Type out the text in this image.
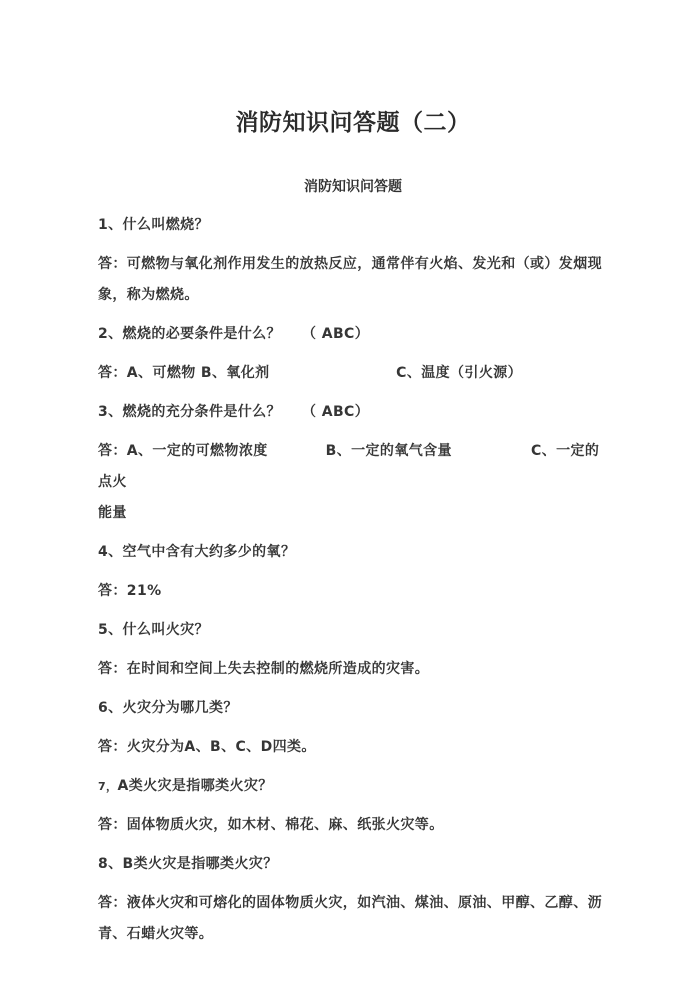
消防知识问答题（二）
消防知识问答题
1、什么叫燃烧？
答：可燃物与氧化剂作用发生的放热反应，通常伴有火焰、发光和（或）发烟现
象，称为燃烧。
2、燃烧的必要条件是什么？    （ ABC）
答：A、可燃物 B、氧化剂                        C、温度（引火源）
3、燃烧的充分条件是什么？    （ ABC）
答：A、一定的可燃物浓度           B、一定的氧气含量               C、一定的点火
能量
4、空气中含有大约多少的氧？
答：21%
5、什么叫火灾？
答：在时间和空间上失去控制的燃烧所造成的灾害。
6、火灾分为哪几类？
答：火灾分为A、B、C、D四类。
7，A类火灾是指哪类火灾？
答：固体物质火灾，如木材、棉花、麻、纸张火灾等。
8、B类火灾是指哪类火灾？
答：液体火灾和可熔化的固体物质火灾，如汽油、煤油、原油、甲醇、乙醇、沥
青、石蜡火灾等。
